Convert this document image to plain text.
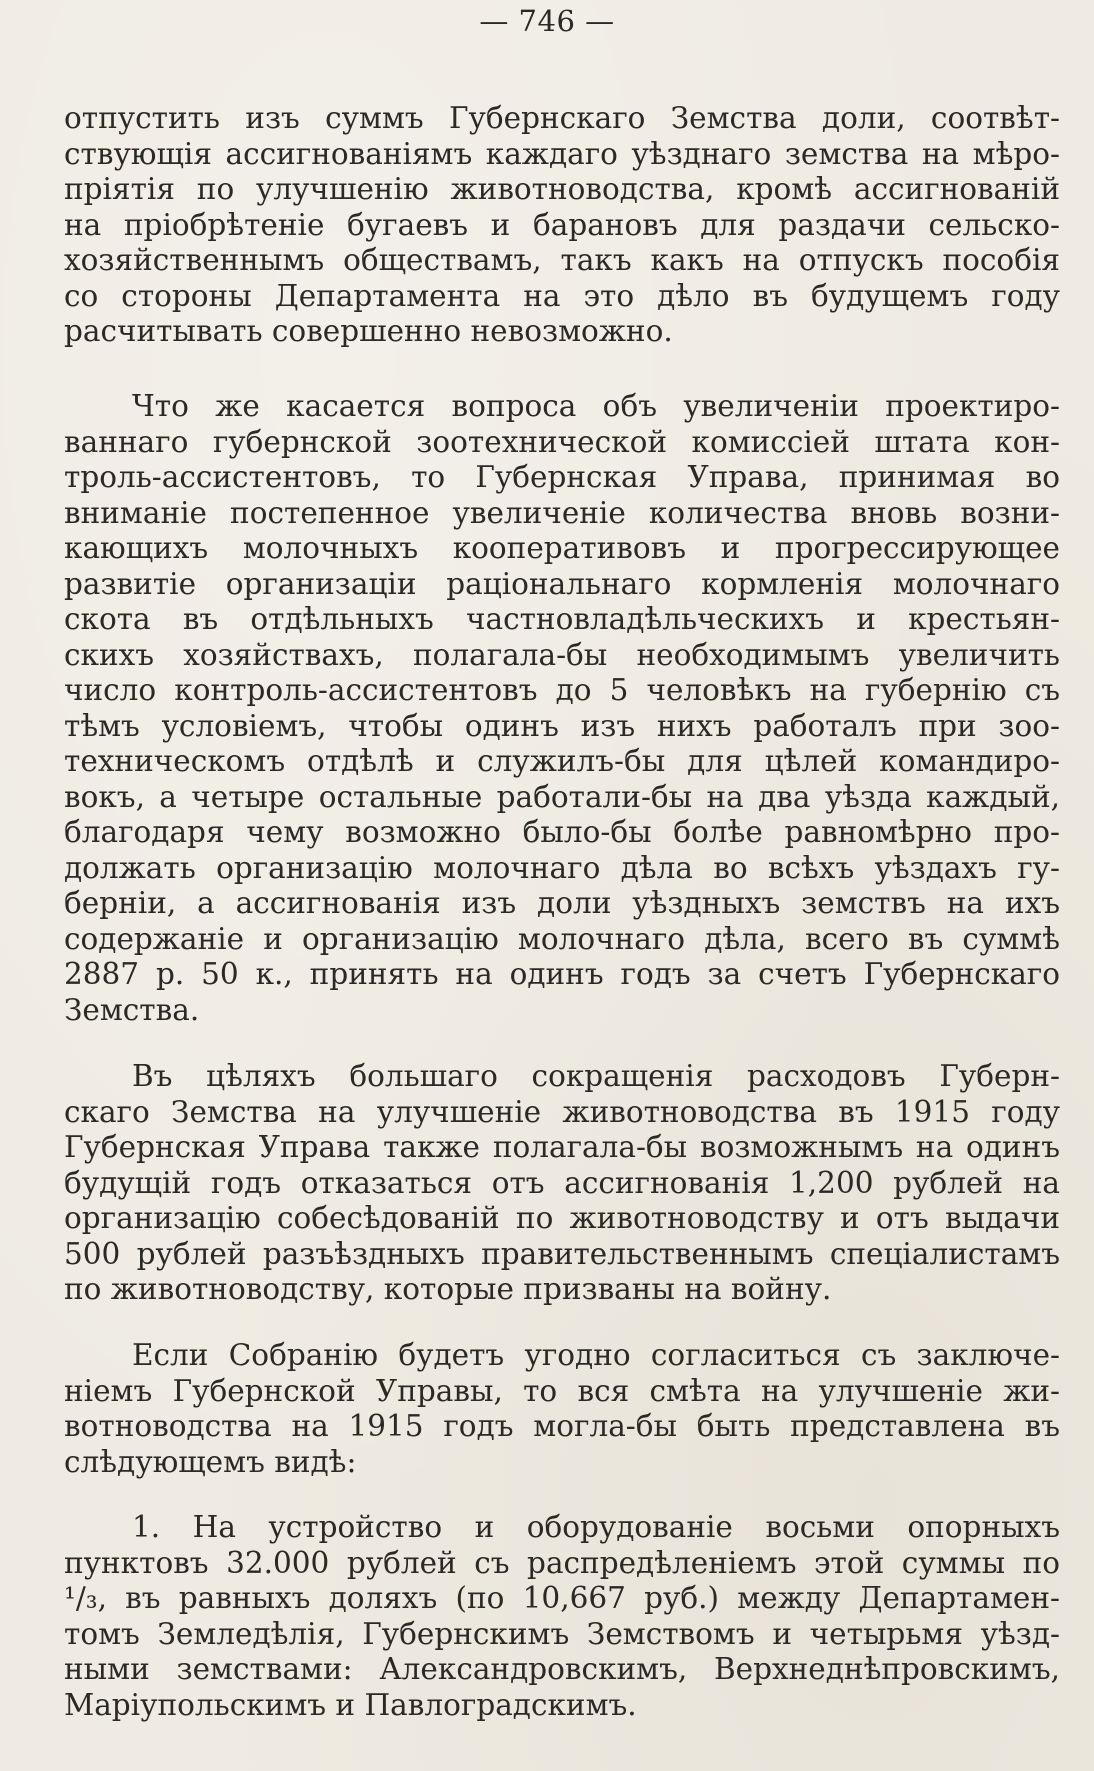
— 746 —
отпустить изъ суммъ Губернскаго Земства доли, соотвѣт-
ствующія ассигнованіямъ каждаго уѣзднаго земства на мѣро-
пріятія по улучшенію животноводства, кромѣ ассигнованій
на пріобрѣтеніе бугаевъ и барановъ для раздачи сельско-
хозяйственнымъ обществамъ, такъ какъ на отпускъ пособія
со стороны Департамента на это дѣло въ будущемъ году
расчитывать совершенно невозможно.
Что же касается вопроса объ увеличеніи проектиро-
ваннаго губернской зоотехнической комиссіей штата кон-
троль-ассистентовъ, то Губернская Управа, принимая во
вниманіе постепенное увеличеніе количества вновь возни-
кающихъ молочныхъ кооперативовъ и прогрессирующее
развитіе организаціи раціональнаго кормленія молочнаго
скота въ отдѣльныхъ частновладѣльческихъ и крестьян-
скихъ хозяйствахъ, полагала-бы необходимымъ увеличить
число контроль-ассистентовъ до 5 человѣкъ на губернію съ
тѣмъ условіемъ, чтобы одинъ изъ нихъ работалъ при зоо-
техническомъ отдѣлѣ и служилъ-бы для цѣлей командиро-
вокъ, а четыре остальные работали-бы на два уѣзда каждый,
благодаря чему возможно было-бы болѣе равномѣрно про-
должать организацію молочнаго дѣла во всѣхъ уѣздахъ гу-
берніи, а ассигнованія изъ доли уѣздныхъ земствъ на ихъ
содержаніе и организацію молочнаго дѣла, всего въ суммѣ
2887 р. 50 к., принять на одинъ годъ за счетъ Губернскаго
Земства.
Въ цѣляхъ большаго сокращенія расходовъ Губерн-
скаго Земства на улучшеніе животноводства въ 1915 году
Губернская Управа также полагала-бы возможнымъ на одинъ
будущій годъ отказаться отъ ассигнованія 1,200 рублей на
организацію собесѣдованій по животноводству и отъ выдачи
500 рублей разъѣздныхъ правительственнымъ спеціалистамъ
по животноводству, которые призваны на войну.
Если Собранію будетъ угодно согласиться съ заключе-
ніемъ Губернской Управы, то вся смѣта на улучшеніе жи-
вотноводства на 1915 годъ могла-бы быть представлена въ
слѣдующемъ видѣ:
1. На устройство и оборудованіе восьми опорныхъ
пунктовъ 32.000 рублей съ распредѣленіемъ этой суммы по
¹/₃, въ равныхъ доляхъ (по 10,667 руб.) между Департамен-
томъ Земледѣлія, Губернскимъ Земствомъ и четырьмя уѣзд-
ными земствами: Александровскимъ, Верхнеднѣпровскимъ,
Маріупольскимъ и Павлоградскимъ.
